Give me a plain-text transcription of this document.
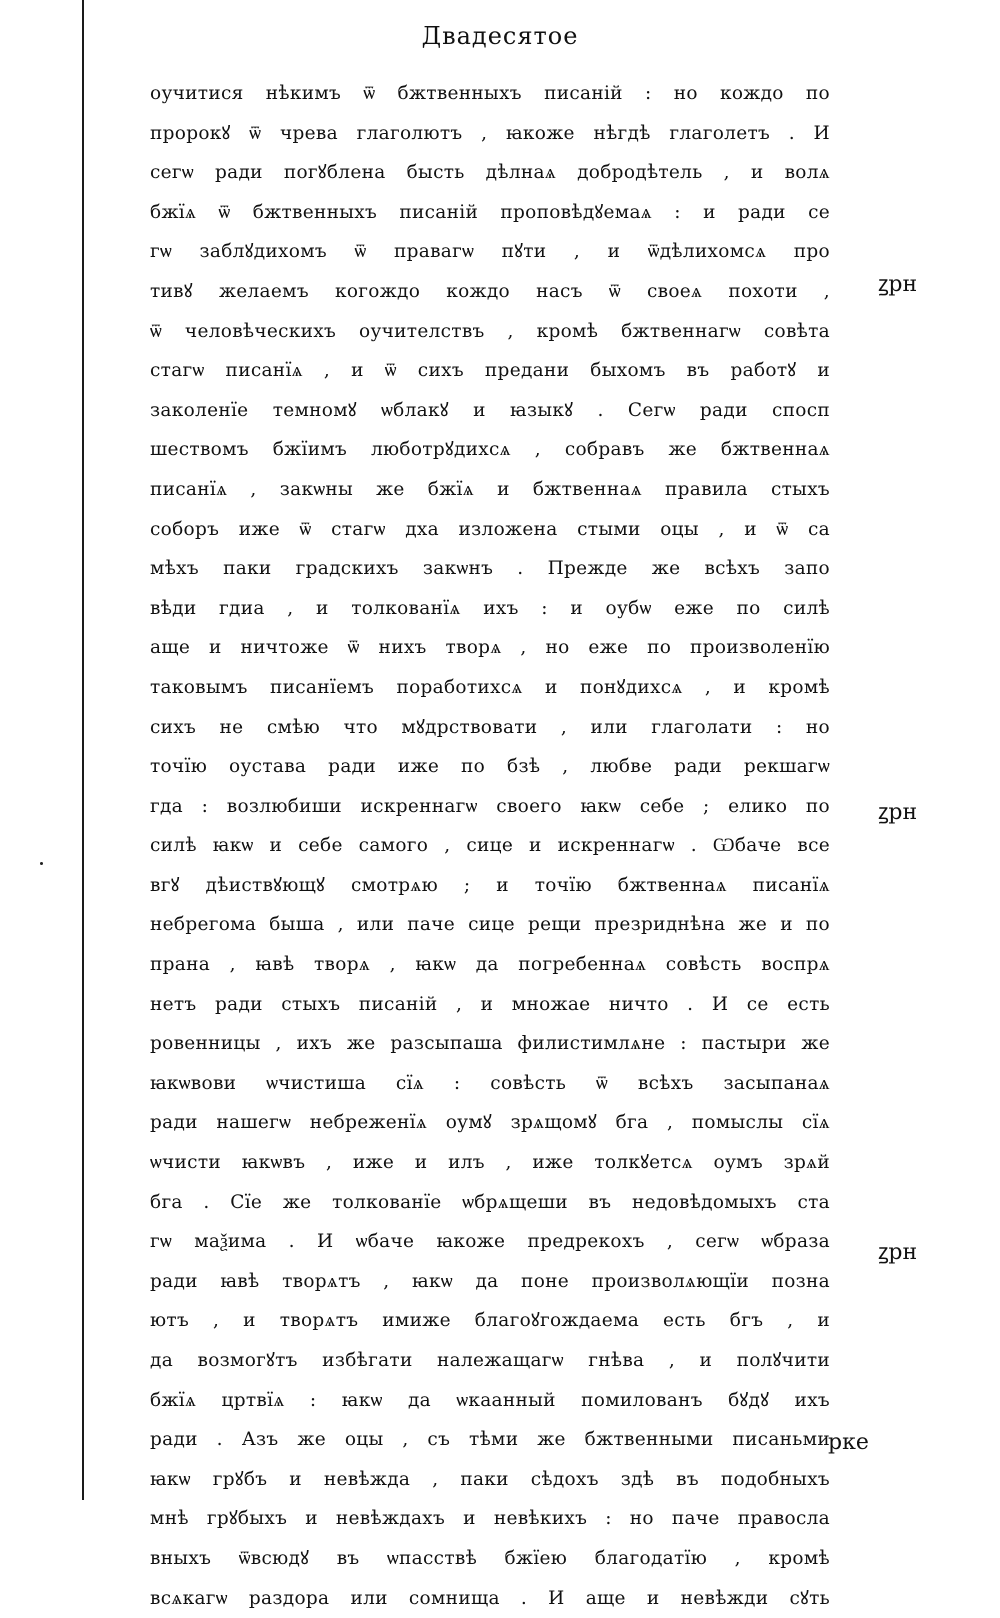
Двадесятое
оучитися нѣкимъ ѿ бжтвенныхъ писаній : но кождо по
пророкꙋ ѿ чрева глаголютъ , ꙗкоже нѣгдѣ глаголетъ . И
сегѡ ради погꙋблена бысть дѣлнаѧ добродѣтель , и волѧ
бжїѧ ѿ бжтвенныхъ писаній проповѣдꙋемаѧ : и ради се
гѡ заблꙋдихомъ ѿ правагѡ пꙋти , и ѿдѣлихомсѧ про
тивꙋ желаемъ когождо кождо насъ ѿ своеѧ похоти ,
ѿ человѣческихъ оучителствъ , кромѣ бжтвеннагѡ совѣта
стагѡ писанїѧ , и ѿ сихъ предани быхомъ въ работꙋ и
заколенїе темномꙋ ѡблакꙋ и ꙗзыкꙋ . Сегѡ ради спосп
шествомъ бжїимъ люботрꙋдихсѧ , собравъ же бжтвеннаѧ
писанїѧ , закѡны же бжїѧ и бжтвеннаѧ правила стыхъ
соборъ иже ѿ стагѡ дха изложена стыми оцы , и ѿ са
мѣхъ паки градскихъ закѡнъ . Прежде же всѣхъ запо
вѣди гдиа , и толкованїѧ ихъ : и оубѡ еже по силѣ
аще и ничтоже ѿ нихъ творѧ , но еже по произволенїю
таковымъ писанїемъ поработихсѧ и понꙋдихсѧ , и кромѣ
сихъ не смѣю что мꙋдрствовати , или глаголати : но
точїю оуставa ради иже по бзѣ , любве ради рекшагѡ
гда : возлюбиши искреннагѡ своего ꙗкѡ себе ; елико по
силѣ ꙗкѡ и себе самого , сице и искреннагѡ . Ѡбаче все
вгꙋ дѣиствꙋющꙋ смотрѧю ; и точїю бжтвеннаѧ писанїѧ
небрегома быша , или паче сице рещи презриднѣна же и по
прана , ꙗвѣ творѧ , ꙗкѡ да погребеннаѧ совѣсть воспрѧ
нетъ ради стыхъ писаній , и множае ничто . И се есть
ровенницы , ихъ же разсыпаша филистимлѧне : пастыри же
ꙗкѡвови ѡчистиша сїѧ : совѣсть ѿ всѣхъ засыпанаѧ
ради нашегѡ небреженїѧ оумꙋ зрѧщомꙋ бга , помыслы сїѧ
ѡчисти ꙗкѡвъ , иже и илъ , иже толкꙋетсѧ оумъ зрѧй
бга . Сїе же толкованїе ѡбрѧщеши въ недовѣдомыхъ ста
гѡ маѯима . И ѡбаче ꙗкоже предрекохъ , сегѡ ѡбраза
ради ꙗвѣ творѧтъ , ꙗкѡ да поне произволѧющїи позна
ютъ , и творѧтъ имиже благоꙋгождаема есть бгъ , и
да возмогꙋтъ избѣгати належащагѡ гнѣва , и полꙋчити
бжїѧ цртвїѧ : ꙗкѡ да ѡкаанный помилованъ бꙋдꙋ ихъ
ради . Азъ же оцы , съ тѣми же бжтвенными писаньми
ꙗкѡ грꙋбъ и невѣжда , паки сѣдохъ здѣ въ подобныхъ
мнѣ грꙋбыхъ и невѣждахъ и невѣкихъ : но паче правосла
вныхъ ѿвсюдꙋ въ ѡпасствѣ бжїею благодатїю , кромѣ
всѧкагѡ раздора или сомнища . И аще и невѣжди сꙋть
ꙁрн
ꙁрн
ꙁрн
рке
